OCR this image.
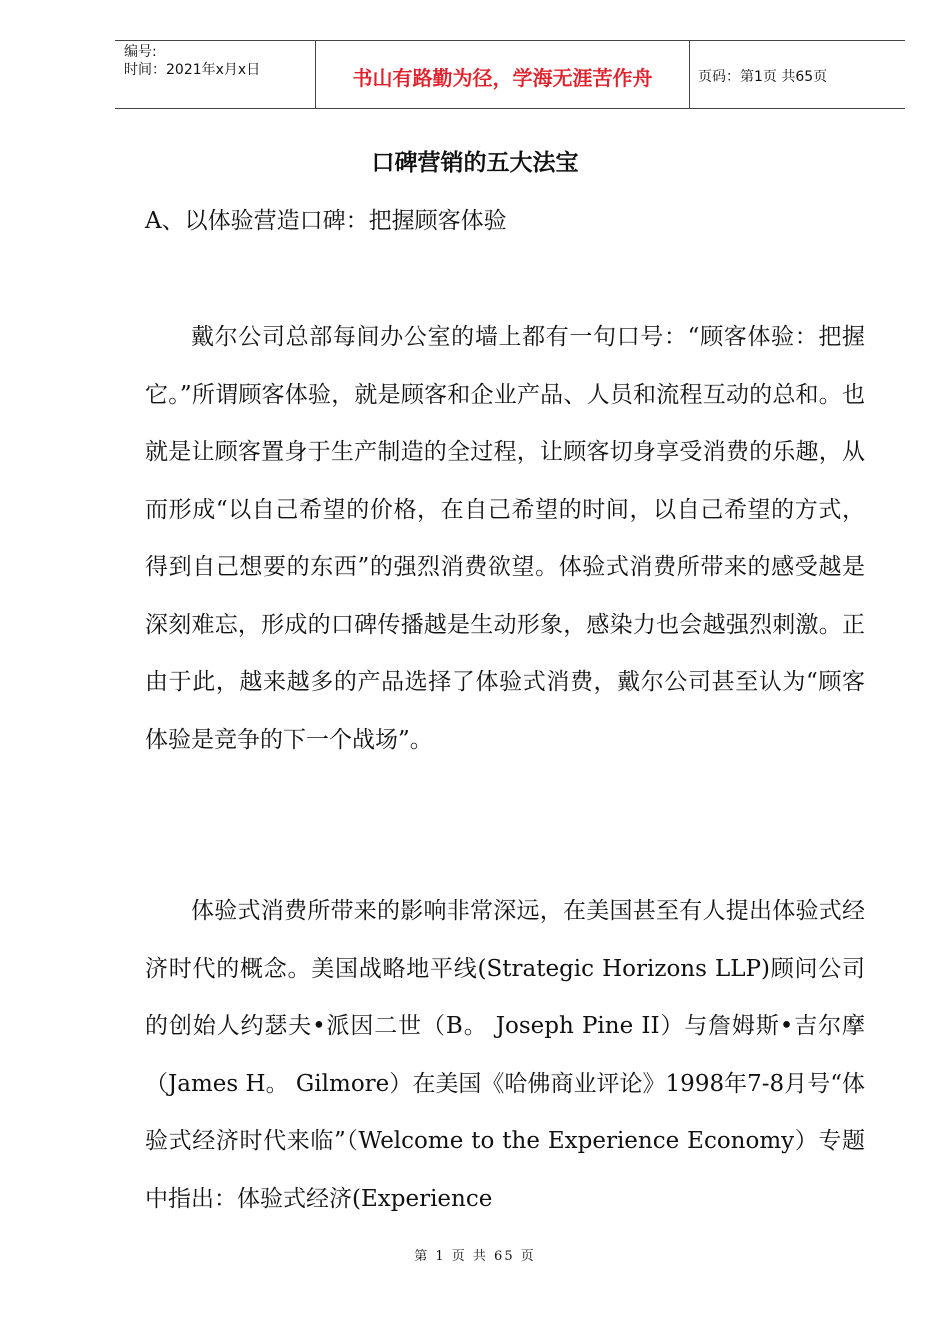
编号:
时间：2021年x月x日	书山有路勤为径，学海无涯苦作舟	页码：第1页 共65页
口碑营销的五大法宝
A、以体验营造口碑：把握顾客体验

戴尔公司总部每间办公室的墙上都有一句口号：“顾客体验：把握它。”所谓顾客体验，就是顾客和企业产品、人员和流程互动的总和。也就是让顾客置身于生产制造的全过程，让顾客切身享受消费的乐趣，从而形成“以自己希望的价格，在自己希望的时间，以自己希望的方式，得到自己想要的东西”的强烈消费欲望。体验式消费所带来的感受越是深刻难忘，形成的口碑传播越是生动形象，感染力也会越强烈刺激。正由于此，越来越多的产品选择了体验式消费，戴尔公司甚至认为“顾客体验是竞争的下一个战场”。

体验式消费所带来的影响非常深远，在美国甚至有人提出体验式经济时代的概念。美国战略地平线(Strategic Horizons LLP)顾问公司的创始人约瑟夫•派因二世（B。 Joseph Pine II）与詹姆斯•吉尔摩（James H。 Gilmore）在美国《哈佛商业评论》1998年7-8月号“体验式经济时代来临”（Welcome to the Experience Economy）专题中指出：体验式经济(Experience

第 1 页 共 65 页
